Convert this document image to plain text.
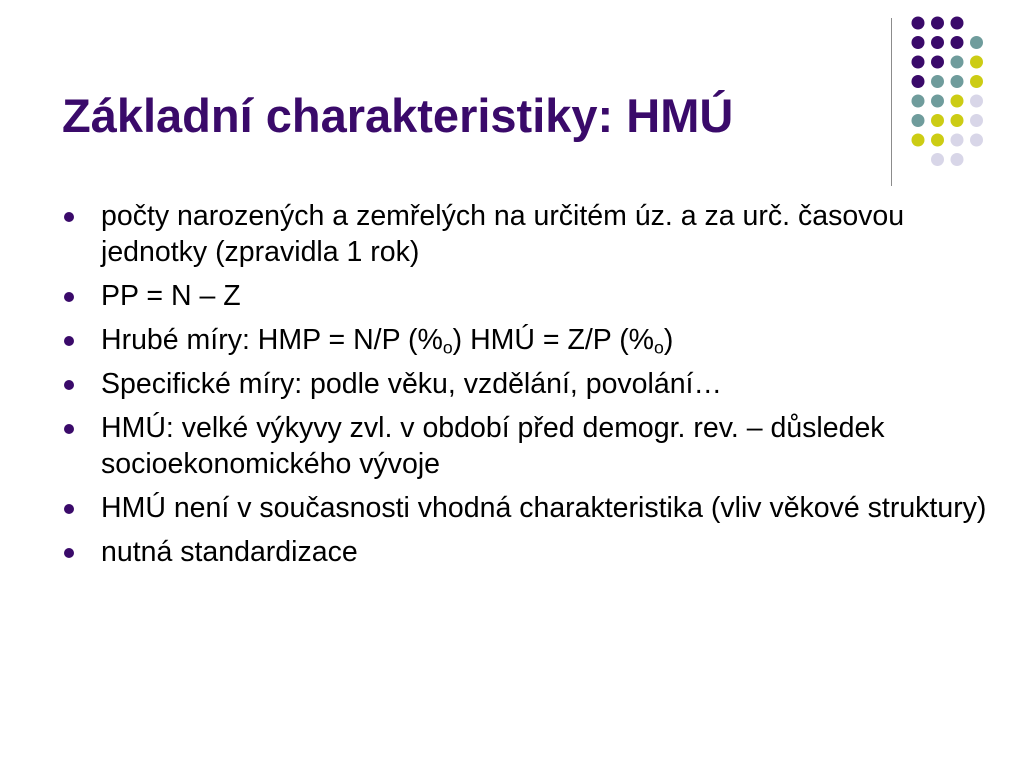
Základní charakteristiky: HMÚ
počty narozených a zemřelých na určitém úz. a za urč. časovou jednotky (zpravidla 1 rok)
PP = N – Z
Hrubé míry: HMP = N/P $(\%_o)$ HMÚ = Z/P $(\%_o)$
Specifické míry: podle věku, vzdělání, povolání…
HMÚ: velké výkyvy zvl. v období před demogr. rev. – důsledek socioekonomického vývoje
HMÚ není v současnosti vhodná charakteristika (vliv věkové struktury)
nutná standardizace
